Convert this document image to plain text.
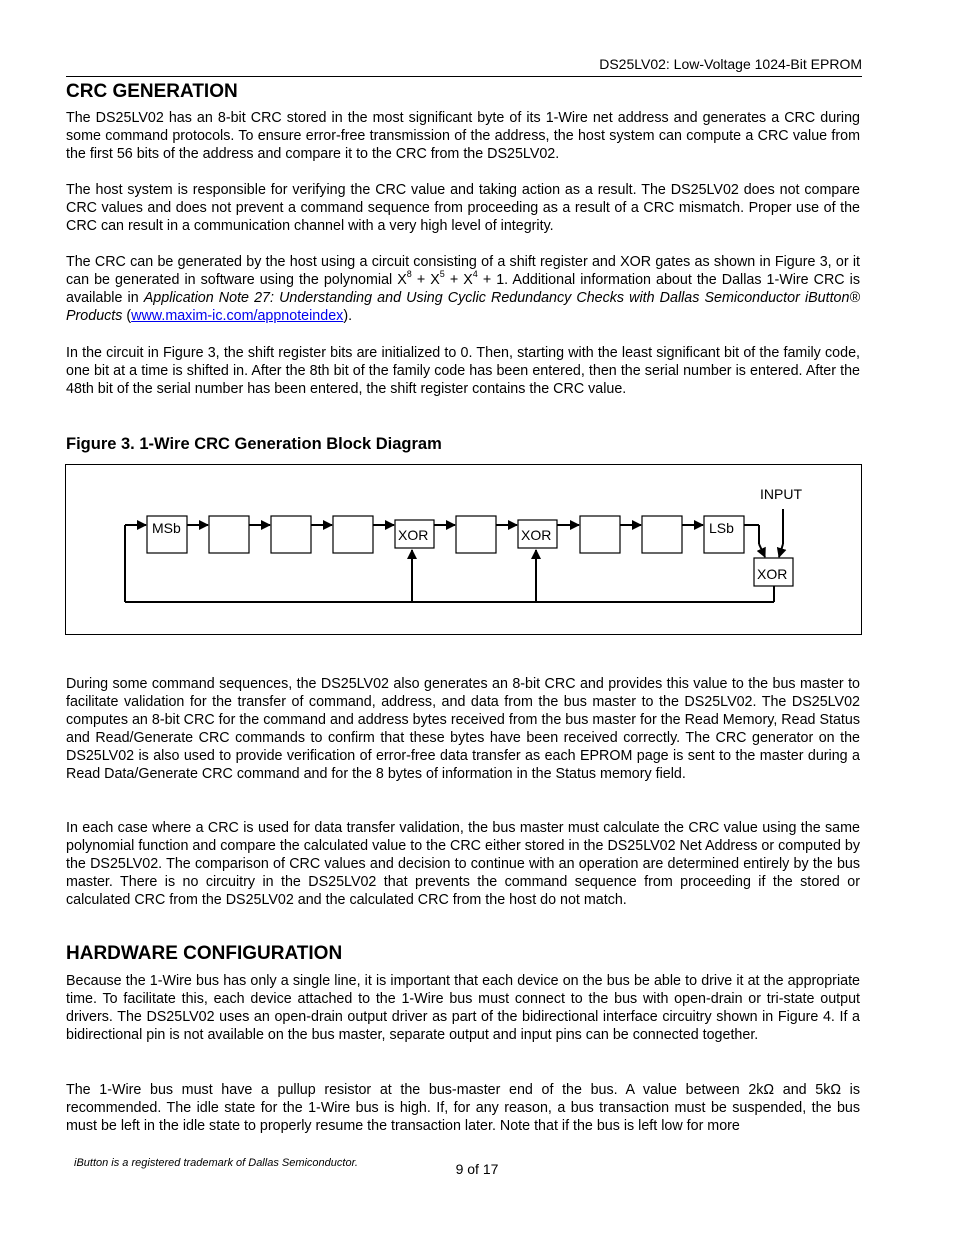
DS25LV02: Low-Voltage 1024-Bit EPROM
CRC GENERATION

The DS25LV02 has an 8-bit CRC stored in the most significant byte of its 1-Wire net address and generates a CRC during some command protocols. To ensure error-free transmission of the address, the host system can compute a CRC value from the first 56 bits of the address and compare it to the CRC from the DS25LV02.

The host system is responsible for verifying the CRC value and taking action as a result. The DS25LV02 does not compare CRC values and does not prevent a command sequence from proceeding as a result of a CRC mismatch. Proper use of the CRC can result in a communication channel with a very high level of integrity.

The CRC can be generated by the host using a circuit consisting of a shift register and XOR gates as shown in Figure 3, or it can be generated in software using the polynomial $X^8 + X^5 + X^4 + 1$. Additional information about the Dallas 1-Wire CRC is available in Application Note 27: Understanding and Using Cyclic Redundancy Checks with Dallas Semiconductor iButton® Products (www.maxim-ic.com/appnoteindex).

In the circuit in Figure 3, the shift register bits are initialized to 0. Then, starting with the least significant bit of the family code, one bit at a time is shifted in. After the 8th bit of the family code has been entered, then the serial number is entered. After the 48th bit of the serial number has been entered, the shift register contains the CRC value.

Figure 3. 1-Wire CRC Generation Block Diagram

MSb	LSb
XOR	XOR
XOR
INPUT

During some command sequences, the DS25LV02 also generates an 8-bit CRC and provides this value to the bus master to facilitate validation for the transfer of command, address, and data from the bus master to the DS25LV02. The DS25LV02 computes an 8-bit CRC for the command and address bytes received from the bus master for the Read Memory, Read Status and Read/Generate CRC commands to confirm that these bytes have been received correctly. The CRC generator on the DS25LV02 is also used to provide verification of error-free data transfer as each EPROM page is sent to the master during a Read Data/Generate CRC command and for the 8 bytes of information in the Status memory field.

In each case where a CRC is used for data transfer validation, the bus master must calculate the CRC value using the same polynomial function and compare the calculated value to the CRC either stored in the DS25LV02 Net Address or computed by the DS25LV02. The comparison of CRC values and decision to continue with an operation are determined entirely by the bus master. There is no circuitry in the DS25LV02 that prevents the command sequence from proceeding if the stored or calculated CRC from the DS25LV02 and the calculated CRC from the host do not match.

HARDWARE CONFIGURATION

Because the 1-Wire bus has only a single line, it is important that each device on the bus be able to drive it at the appropriate time. To facilitate this, each device attached to the 1-Wire bus must connect to the bus with open-drain or tri-state output drivers. The DS25LV02 uses an open-drain output driver as part of the bidirectional interface circuitry shown in Figure 4. If a bidirectional pin is not available on the bus master, separate output and input pins can be connected together.

The 1-Wire bus must have a pullup resistor at the bus-master end of the bus. A value between 2kΩ and 5kΩ is recommended. The idle state for the 1-Wire bus is high. If, for any reason, a bus transaction must be suspended, the bus must be left in the idle state to properly resume the transaction later. Note that if the bus is left low for more

iButton is a registered trademark of Dallas Semiconductor.	9 of 17
